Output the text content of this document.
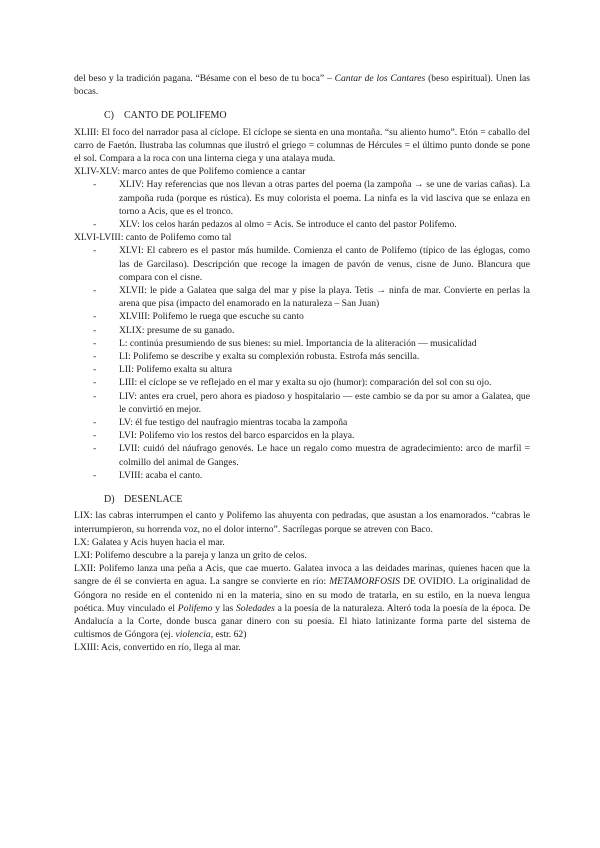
del beso y la tradición pagana. “Bésame con el beso de tu boca” – Cantar de los Cantares (beso espiritual). Unen las bocas.

C) CANTO DE POLIFEMO

XLIII: El foco del narrador pasa al cíclope. El cíclope se sienta en una montaña. “su aliento humo”. Etón = caballo del carro de Faetón. Ilustraba las columnas que ilustró el griego = columnas de Hércules = el último punto donde se pone el sol. Compara a la roca con una linterna ciega y una atalaya muda.

XLIV-XLV: marco antes de que Polifemo comience a cantar

- XLIV: Hay referencias que nos llevan a otras partes del poema (la zampoña → se une de varias cañas). La zampoña ruda (porque es rústica). Es muy colorista el poema. La ninfa es la vid lasciva que se enlaza en torno a Acis, que es el tronco.
- XLV: los celos harán pedazos al olmo = Acis. Se introduce el canto del pastor Polifemo.

XLVI-LVIII: canto de Polifemo como tal

- XLVI: El cabrero es el pastor más humilde. Comienza el canto de Polifemo (típico de las églogas, como las de Garcilaso). Descripción que recoge la imagen de pavón de venus, cisne de Juno. Blancura que compara con el cisne.
- XLVII: le pide a Galatea que salga del mar y pise la playa. Tetis → ninfa de mar. Convierte en perlas la arena que pisa (impacto del enamorado en la naturaleza – San Juan)
- XLVIII: Polifemo le ruega que escuche su canto
- XLIX: presume de su ganado.
- L: continúa presumiendo de sus bienes: su miel. Importancia de la aliteración — musicalidad
- LI: Polifemo se describe y exalta su complexión robusta. Estrofa más sencilla.
- LII: Polifemo exalta su altura
- LIII: el cíclope se ve reflejado en el mar y exalta su ojo (humor): comparación del sol con su ojo.
- LIV: antes era cruel, pero ahora es piadoso y hospitalario — este cambio se da por su amor a Galatea, que le convirtió en mejor.
- LV: él fue testigo del naufragio mientras tocaba la zampoña
- LVI: Polifemo vio los restos del barco esparcidos en la playa.
- LVII: cuidó del náufrago genovés. Le hace un regalo como muestra de agradecimiento: arco de marfil = colmillo del animal de Ganges.
- LVIII: acaba el canto.

D) DESENLACE

LIX: las cabras interrumpen el canto y Polifemo las ahuyenta con pedradas, que asustan a los enamorados. “cabras le interrumpieron, su horrenda voz, no el dolor interno”. Sacrílegas porque se atreven con Baco.

LX: Galatea y Acis huyen hacia el mar.

LXI: Polifemo descubre a la pareja y lanza un grito de celos.

LXII: Polifemo lanza una peña a Acis, que cae muerto. Galatea invoca a las deidades marinas, quienes hacen que la sangre de él se convierta en agua. La sangre se convierte en río: METAMORFOSIS DE OVIDIO. La originalidad de Góngora no reside en el contenido ni en la materia, sino en su modo de tratarla, en su estilo, en la nueva lengua poética. Muy vinculado el Polifemo y las Soledades a la poesía de la naturaleza. Alteró toda la poesía de la época. De Andalucía a la Corte, donde busca ganar dinero con su poesía. El hiato latinizante forma parte del sistema de cultismos de Góngora (ej. violencia, estr. 62)

LXIII: Acis, convertido en río, llega al mar.
